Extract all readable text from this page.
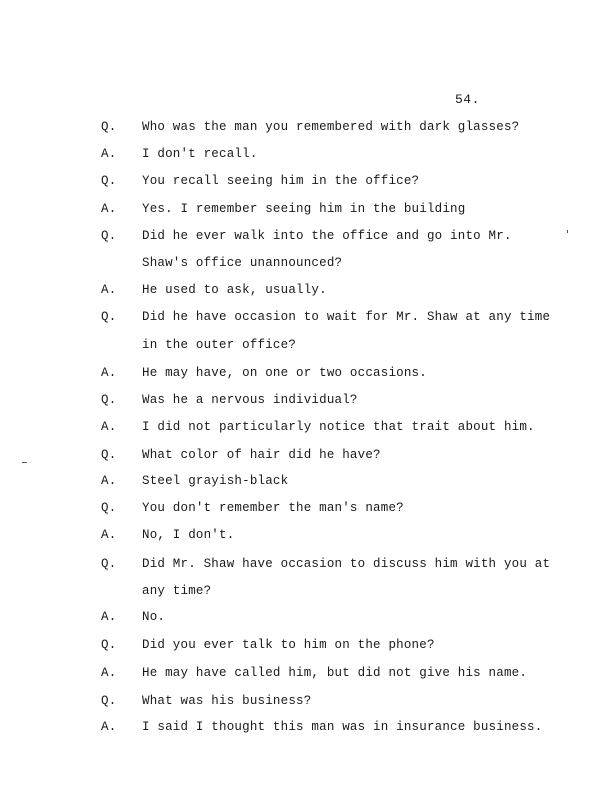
54.
Q.	Who was the man you remembered with dark glasses?
A.	I don't recall.
Q.	You recall seeing him in the office?
A.	Yes. I remember seeing him in the building
Q.	Did he ever walk into the office and go into Mr.
Shaw's office unannounced?
A.	He used to ask, usually.
Q.	Did he have occasion to wait for Mr. Shaw at any time
in the outer office?
A.	He may have, on one or two occasions.
Q.	Was he a nervous individual?
A.	I did not particularly notice that trait about him.
Q.	What color of hair did he have?
A.	Steel grayish-black
Q.	You don't remember the man's name?
A.	No, I don't.
Q.	Did Mr. Shaw have occasion to discuss him with you at
any time?
A.	No.
Q.	Did you ever talk to him on the phone?
A.	He may have called him, but did not give his name.
Q.	What was his business?
A.	I said I thought this man was in insurance business.
